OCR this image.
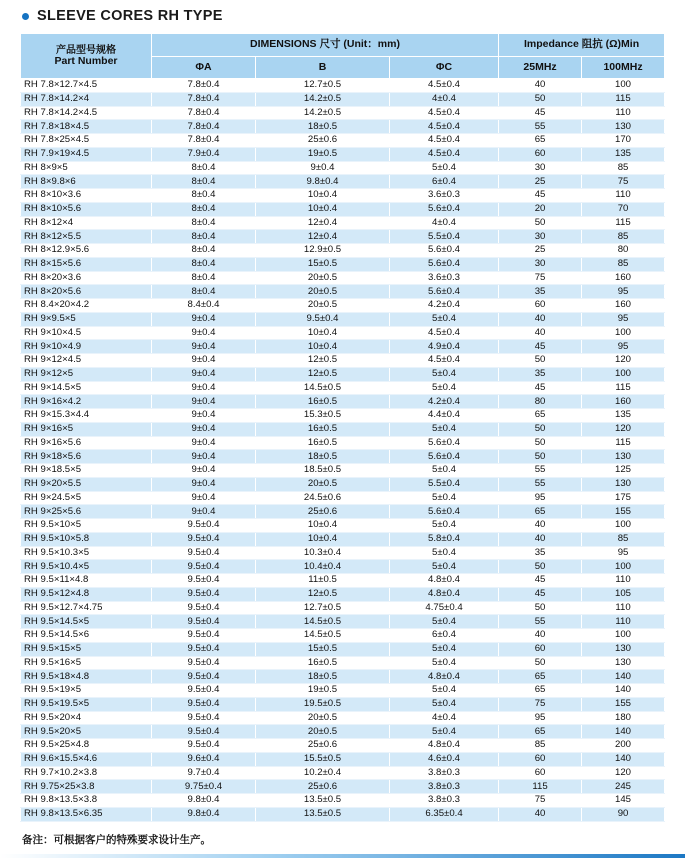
SLEEVE CORES RH TYPE
产品型号规格
Part Number	DIMENSIONS 尺寸 (Unit：mm)			Impedance 阻抗 (Ω)Min	
	ΦA	B	ΦC	25MHz	100MHz
RH 7.8×12.7×4.5	7.8±0.4	12.7±0.5	4.5±0.4	40	100
RH 7.8×14.2×4	7.8±0.4	14.2±0.5	4±0.4	50	115
RH 7.8×14.2×4.5	7.8±0.4	14.2±0.5	4.5±0.4	45	110
RH 7.8×18×4.5	7.8±0.4	18±0.5	4.5±0.4	55	130
RH 7.8×25×4.5	7.8±0.4	25±0.6	4.5±0.4	65	170
RH 7.9×19×4.5	7.9±0.4	19±0.5	4.5±0.4	60	135
RH 8×9×5	8±0.4	9±0.4	5±0.4	30	85
RH 8×9.8×6	8±0.4	9.8±0.4	6±0.4	25	75
RH 8×10×3.6	8±0.4	10±0.4	3.6±0.3	45	110
RH 8×10×5.6	8±0.4	10±0.4	5.6±0.4	20	70
RH 8×12×4	8±0.4	12±0.4	4±0.4	50	115
RH 8×12×5.5	8±0.4	12±0.4	5.5±0.4	30	85
RH 8×12.9×5.6	8±0.4	12.9±0.5	5.6±0.4	25	80
RH 8×15×5.6	8±0.4	15±0.5	5.6±0.4	30	85
RH 8×20×3.6	8±0.4	20±0.5	3.6±0.3	75	160
RH 8×20×5.6	8±0.4	20±0.5	5.6±0.4	35	95
RH 8.4×20×4.2	8.4±0.4	20±0.5	4.2±0.4	60	160
RH 9×9.5×5	9±0.4	9.5±0.4	5±0.4	40	95
RH 9×10×4.5	9±0.4	10±0.4	4.5±0.4	40	100
RH 9×10×4.9	9±0.4	10±0.4	4.9±0.4	45	95
RH 9×12×4.5	9±0.4	12±0.5	4.5±0.4	50	120
RH 9×12×5	9±0.4	12±0.5	5±0.4	35	100
RH 9×14.5×5	9±0.4	14.5±0.5	5±0.4	45	115
RH 9×16×4.2	9±0.4	16±0.5	4.2±0.4	80	160
RH 9×15.3×4.4	9±0.4	15.3±0.5	4.4±0.4	65	135
RH 9×16×5	9±0.4	16±0.5	5±0.4	50	120
RH 9×16×5.6	9±0.4	16±0.5	5.6±0.4	50	115
RH 9×18×5.6	9±0.4	18±0.5	5.6±0.4	50	130
RH 9×18.5×5	9±0.4	18.5±0.5	5±0.4	55	125
RH 9×20×5.5	9±0.4	20±0.5	5.5±0.4	55	130
RH 9×24.5×5	9±0.4	24.5±0.6	5±0.4	95	175
RH 9×25×5.6	9±0.4	25±0.6	5.6±0.4	65	155
RH 9.5×10×5	9.5±0.4	10±0.4	5±0.4	40	100
RH 9.5×10×5.8	9.5±0.4	10±0.4	5.8±0.4	40	85
RH 9.5×10.3×5	9.5±0.4	10.3±0.4	5±0.4	35	95
RH 9.5×10.4×5	9.5±0.4	10.4±0.4	5±0.4	50	100
RH 9.5×11×4.8	9.5±0.4	11±0.5	4.8±0.4	45	110
RH 9.5×12×4.8	9.5±0.4	12±0.5	4.8±0.4	45	105
RH 9.5×12.7×4.75	9.5±0.4	12.7±0.5	4.75±0.4	50	110
RH 9.5×14.5×5	9.5±0.4	14.5±0.5	5±0.4	55	110
RH 9.5×14.5×6	9.5±0.4	14.5±0.5	6±0.4	40	100
RH 9.5×15×5	9.5±0.4	15±0.5	5±0.4	60	130
RH 9.5×16×5	9.5±0.4	16±0.5	5±0.4	50	130
RH 9.5×18×4.8	9.5±0.4	18±0.5	4.8±0.4	65	140
RH 9.5×19×5	9.5±0.4	19±0.5	5±0.4	65	140
RH 9.5×19.5×5	9.5±0.4	19.5±0.5	5±0.4	75	155
RH 9.5×20×4	9.5±0.4	20±0.5	4±0.4	95	180
RH 9.5×20×5	9.5±0.4	20±0.5	5±0.4	65	140
RH 9.5×25×4.8	9.5±0.4	25±0.6	4.8±0.4	85	200
RH 9.6×15.5×4.6	9.6±0.4	15.5±0.5	4.6±0.4	60	140
RH 9.7×10.2×3.8	9.7±0.4	10.2±0.4	3.8±0.3	60	120
RH 9.75×25×3.8	9.75±0.4	25±0.6	3.8±0.3	115	245
RH 9.8×13.5×3.8	9.8±0.4	13.5±0.5	3.8±0.3	75	145
RH 9.8×13.5×6.35	9.8±0.4	13.5±0.5	6.35±0.4	40	90
备注：可根据客户的特殊要求设计生产。
